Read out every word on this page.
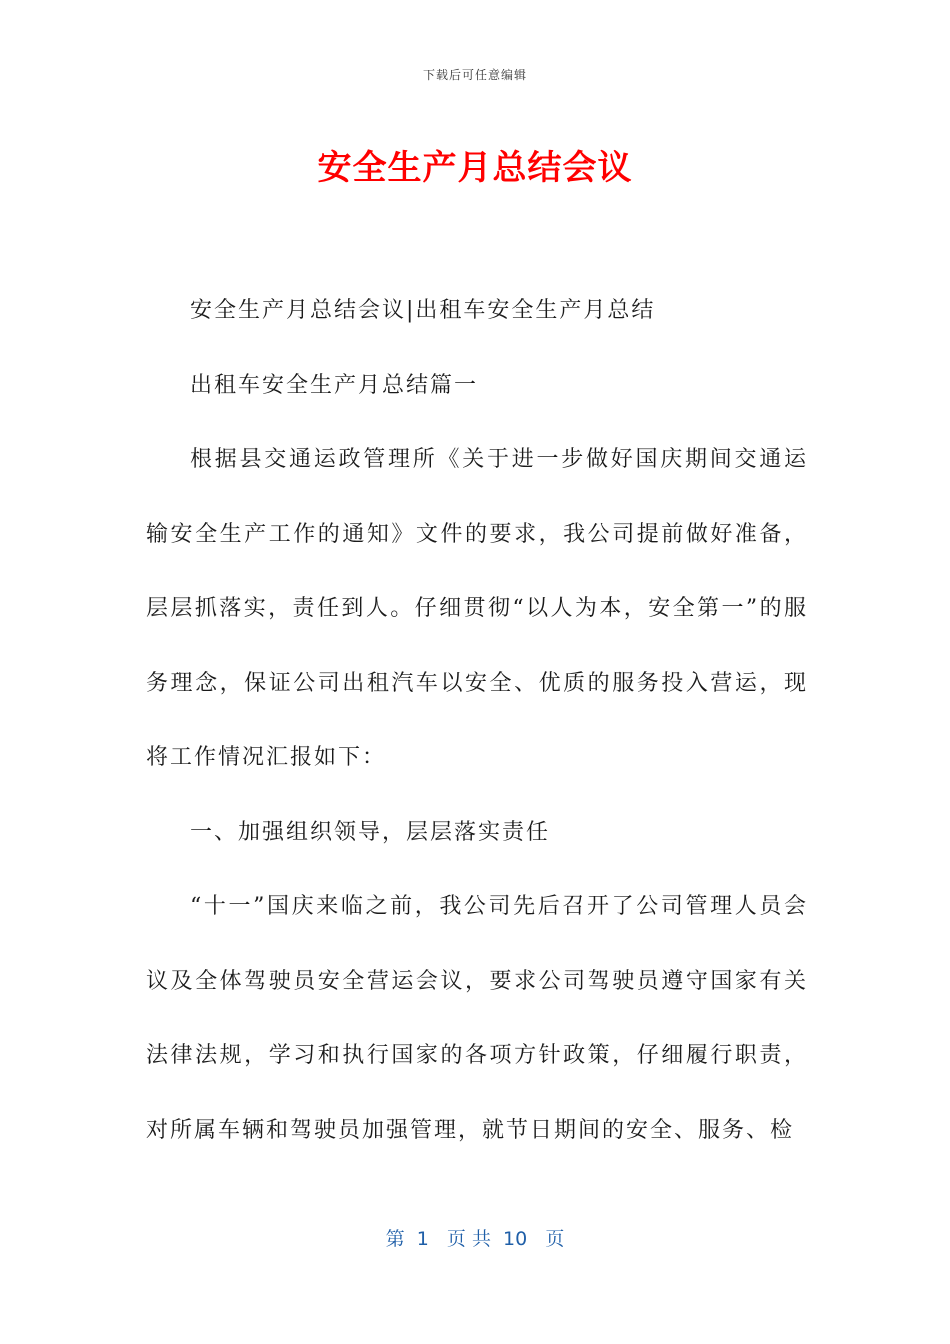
下载后可任意编辑
安全生产月总结会议

安全生产月总结会议|出租车安全生产月总结

出租车安全生产月总结篇一

根据县交通运政管理所《关于进一步做好国庆期间交通运输安全生产工作的通知》文件的要求，我公司提前做好准备，层层抓落实，责任到人。仔细贯彻“以人为本，安全第一”的服务理念，保证公司出租汽车以安全、优质的服务投入营运，现将工作情况汇报如下：

一、加强组织领导，层层落实责任

“十一”国庆来临之前，我公司先后召开了公司管理人员会议及全体驾驶员安全营运会议，要求公司驾驶员遵守国家有关法律法规，学习和执行国家的各项方针政策，仔细履行职责，对所属车辆和驾驶员加强管理，就节日期间的安全、服务、检

第  1   页 共  10   页
